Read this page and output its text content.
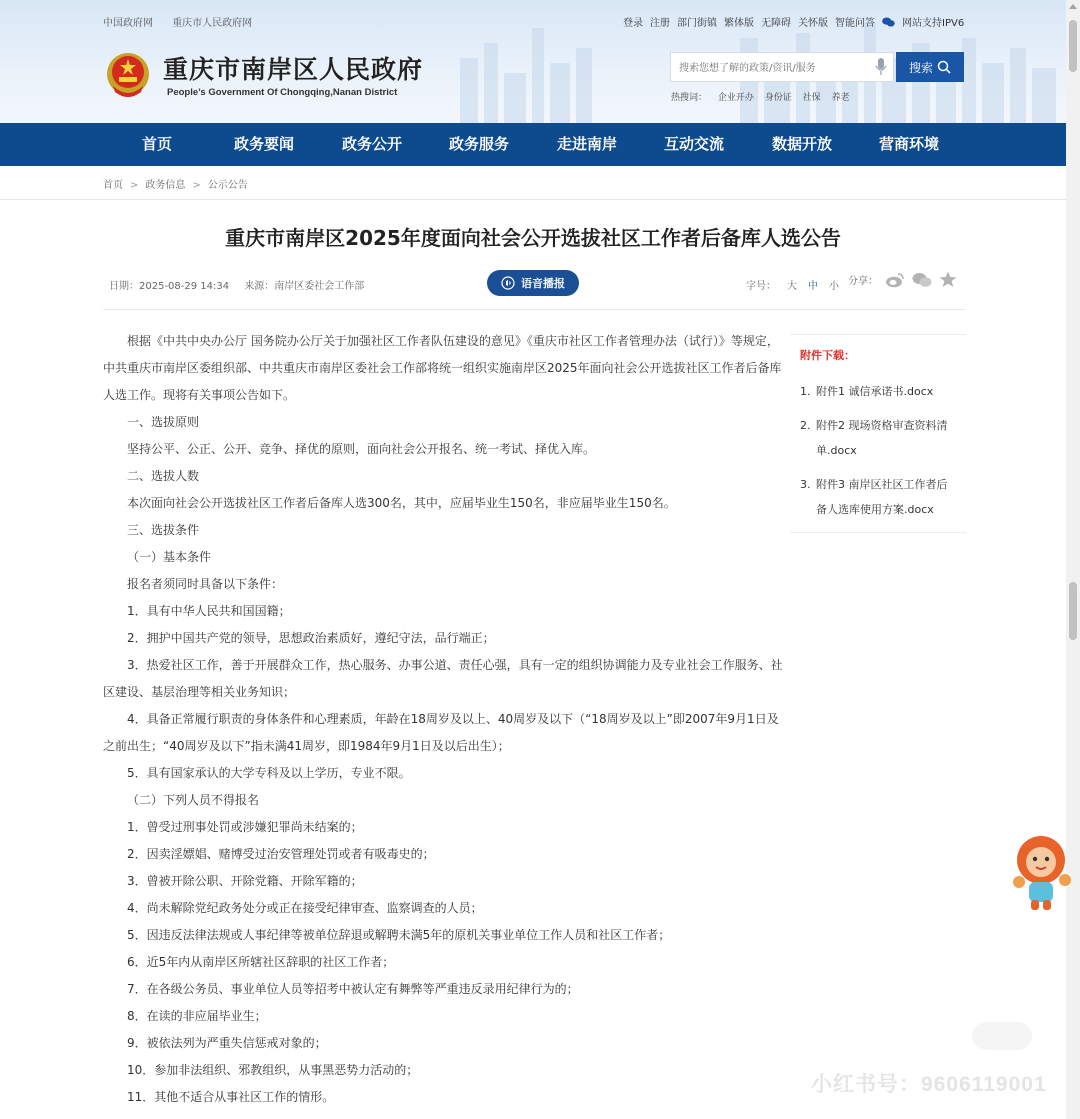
中国政府网 重庆市人民政府网	登录 注册 部门街镇 繁体版 无障碍 关怀版 智能问答	网站支持IPV6
重庆市南岸区人民政府
People’s Government Of Chongqing,Nanan District
搜索您想了解的政策/资讯/服务
搜索
热搜词： 企业开办 身份证 社保 养老
首页	政务要闻	政务公开	政务服务	走进南岸	互动交流	数据开放	营商环境
首页 > 政务信息 > 公示公告
重庆市南岸区2025年度面向社会公开选拔社区工作者后备库人选公告
日期：2025-08-29 14:34 来源：南岸区委社会工作部	语音播报	字号： 大 中 小 分享：

根据《中共中央办公厅 国务院办公厅关于加强社区工作者队伍建设的意见》《重庆市社区工作者管理办法（试行）》等规定，中共重庆市南岸区委组织部、中共重庆市南岸区委社会工作部将统一组织实施南岸区2025年面向社会公开选拔社区工作者后备库人选工作。现将有关事项公告如下。

一、选拔原则

坚持公平、公正、公开、竞争、择优的原则，面向社会公开报名、统一考试、择优入库。

二、选拔人数

本次面向社会公开选拔社区工作者后备库人选300名，其中，应届毕业生150名，非应届毕业生150名。

三、选拔条件

（一）基本条件

报名者须同时具备以下条件：

1．具有中华人民共和国国籍；

2．拥护中国共产党的领导，思想政治素质好，遵纪守法，品行端正；

3．热爱社区工作，善于开展群众工作，热心服务、办事公道、责任心强，具有一定的组织协调能力及专业社会工作服务、社区建设、基层治理等相关业务知识；

4．具备正常履行职责的身体条件和心理素质，年龄在18周岁及以上、40周岁及以下（“18周岁及以上”即2007年9月1日及之前出生；“40周岁及以下”指未满41周岁，即1984年9月1日及以后出生）；

5．具有国家承认的大学专科及以上学历，专业不限。

（二）下列人员不得报名

1．曾受过刑事处罚或涉嫌犯罪尚未结案的；

2．因卖淫嫖娼、赌博受过治安管理处罚或者有吸毒史的；

3．曾被开除公职、开除党籍、开除军籍的；

4．尚未解除党纪政务处分或正在接受纪律审查、监察调查的人员；

5．因违反法律法规或人事纪律等被单位辞退或解聘未满5年的原机关事业单位工作人员和社区工作者；

6．近5年内从南岸区所辖社区辞职的社区工作者；

7．在各级公务员、事业单位人员等招考中被认定有舞弊等严重违反录用纪律行为的；

8．在读的非应届毕业生；

9．被依法列为严重失信惩戒对象的；

10．参加非法组织、邪教组织，从事黑恶势力活动的；

11．其他不适合从事社区工作的情形。

附件下载：
1. 附件1 诚信承诺书.docx
2. 附件2 现场资格审查资料清单.docx
3. 附件3 南岸区社区工作者后备人选库使用方案.docx
小红书号：9606119001
